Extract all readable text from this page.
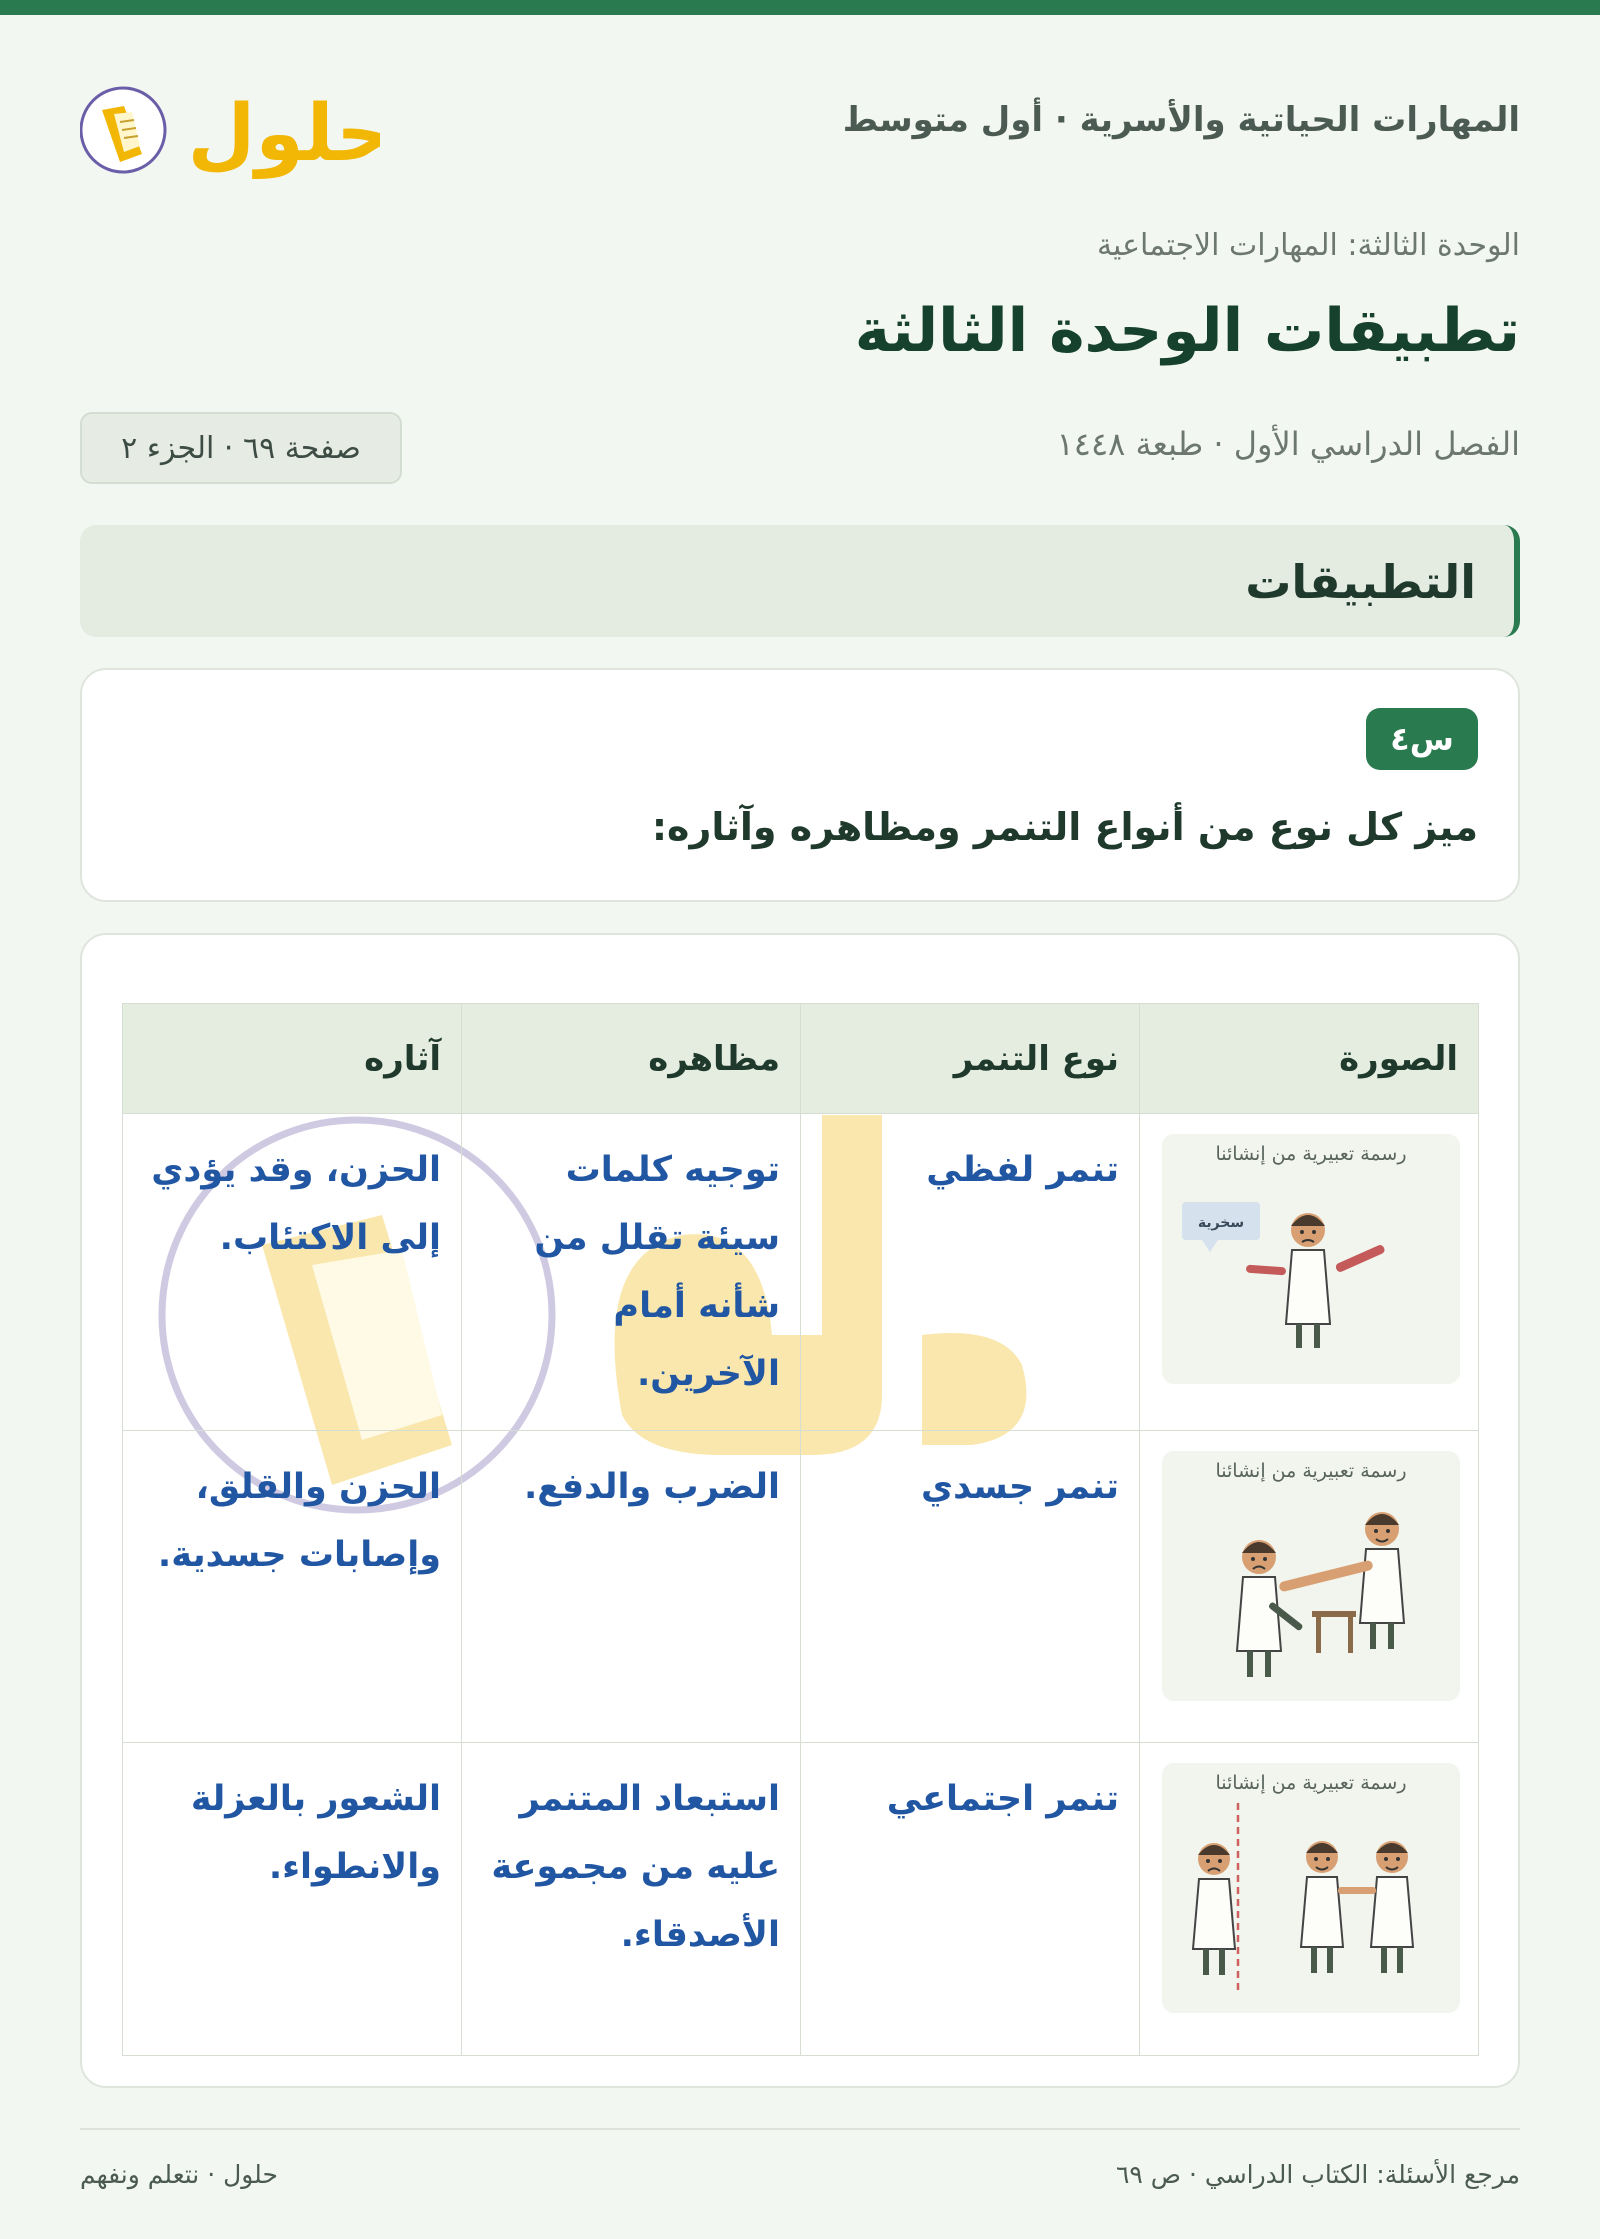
حلول	المهارات الحياتية والأسرية · أول متوسط
الوحدة الثالثة: المهارات الاجتماعية
تطبيقات الوحدة الثالثة
الفصل الدراسي الأول · طبعة ١٤٤٨
صفحة ٦٩ · الجزء ٢
التطبيقات
س٤
ميز كل نوع من أنواع التنمر ومظاهره وآثاره:
الصورة	نوع التنمر	مظاهره	آثاره

سخرية
رسمة تعبيرية من إنشائنا	تنمر لفظي	توجيه كلمات سيئة تقلل من شأنه أمام الآخرين.	الحزن، وقد يؤدي إلى الاكتئاب.

رسمة تعبيرية من إنشائنا	تنمر جسدي	الضرب والدفع.	الحزن والقلق، وإصابات جسدية.

رسمة تعبيرية من إنشائنا	تنمر اجتماعي	استبعاد المتنمر عليه من مجموعة الأصدقاء.	الشعور بالعزلة والانطواء.
مرجع الأسئلة: الكتاب الدراسي · ص ٦٩
حلول · نتعلم ونفهم
